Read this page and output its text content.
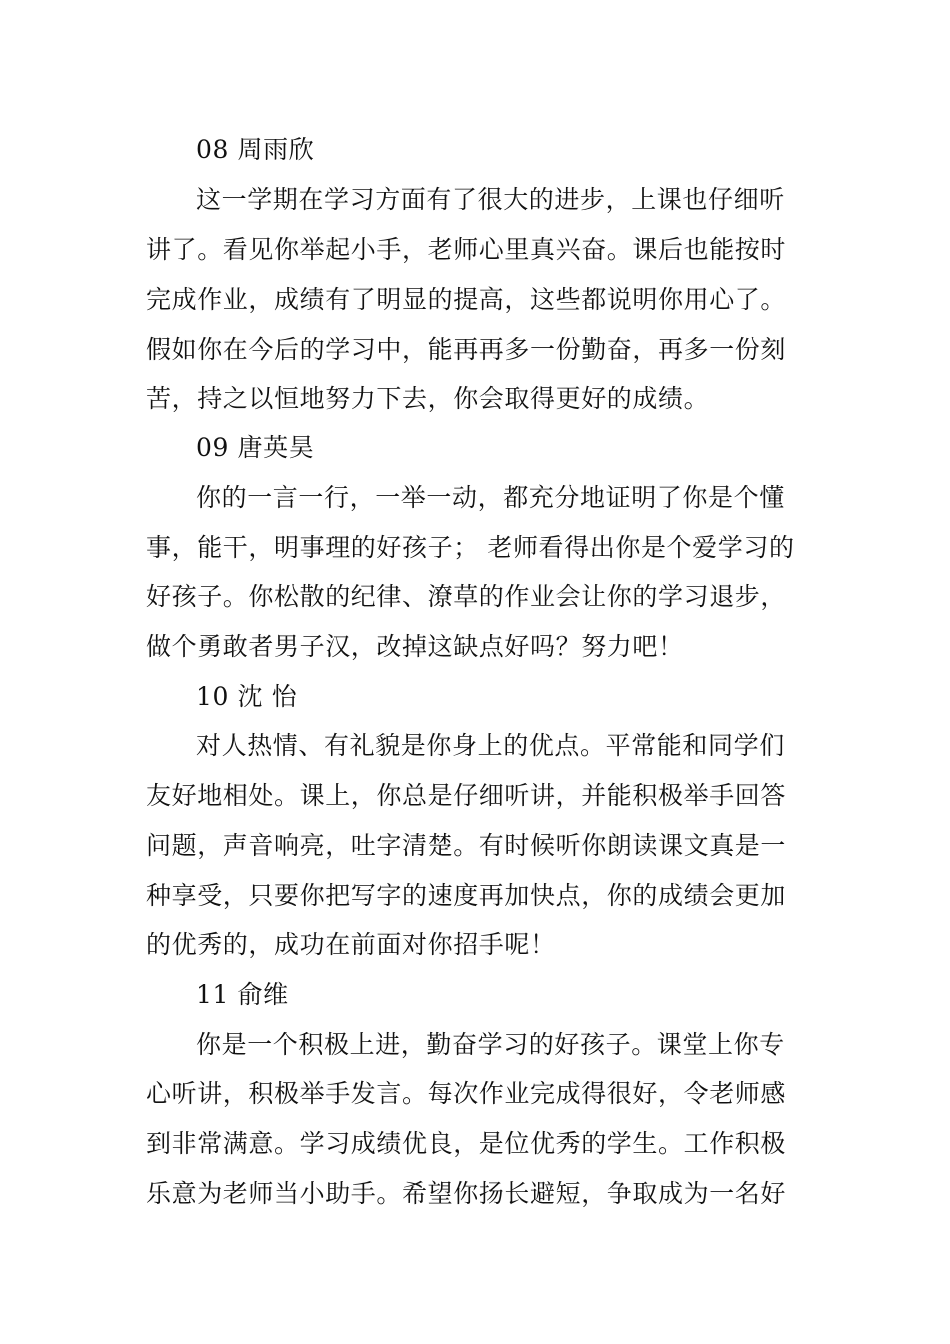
08 周雨欣
这一学期在学习方面有了很大的进步，上课也仔细听
讲了。看见你举起小手，老师心里真兴奋。课后也能按时
完成作业，成绩有了明显的提高，这些都说明你用心了。
假如你在今后的学习中，能再再多一份勤奋，再多一份刻
苦，持之以恒地努力下去，你会取得更好的成绩。
09 唐英昊
你的一言一行，一举一动，都充分地证明了你是个懂
事，能干，明事理的好孩子； 老师看得出你是个爱学习的
好孩子。你松散的纪律、潦草的作业会让你的学习退步，
做个勇敢者男子汉，改掉这缺点好吗？努力吧！
10 沈 怡
对人热情、有礼貌是你身上的优点。平常能和同学们
友好地相处。课上，你总是仔细听讲，并能积极举手回答
问题，声音响亮，吐字清楚。有时候听你朗读课文真是一
种享受，只要你把写字的速度再加快点，你的成绩会更加
的优秀的，成功在前面对你招手呢！
11 俞维
你是一个积极上进，勤奋学习的好孩子。课堂上你专
心听讲，积极举手发言。每次作业完成得很好，令老师感
到非常满意。学习成绩优良，是位优秀的学生。工作积极
乐意为老师当小助手。希望你扬长避短，争取成为一名好
